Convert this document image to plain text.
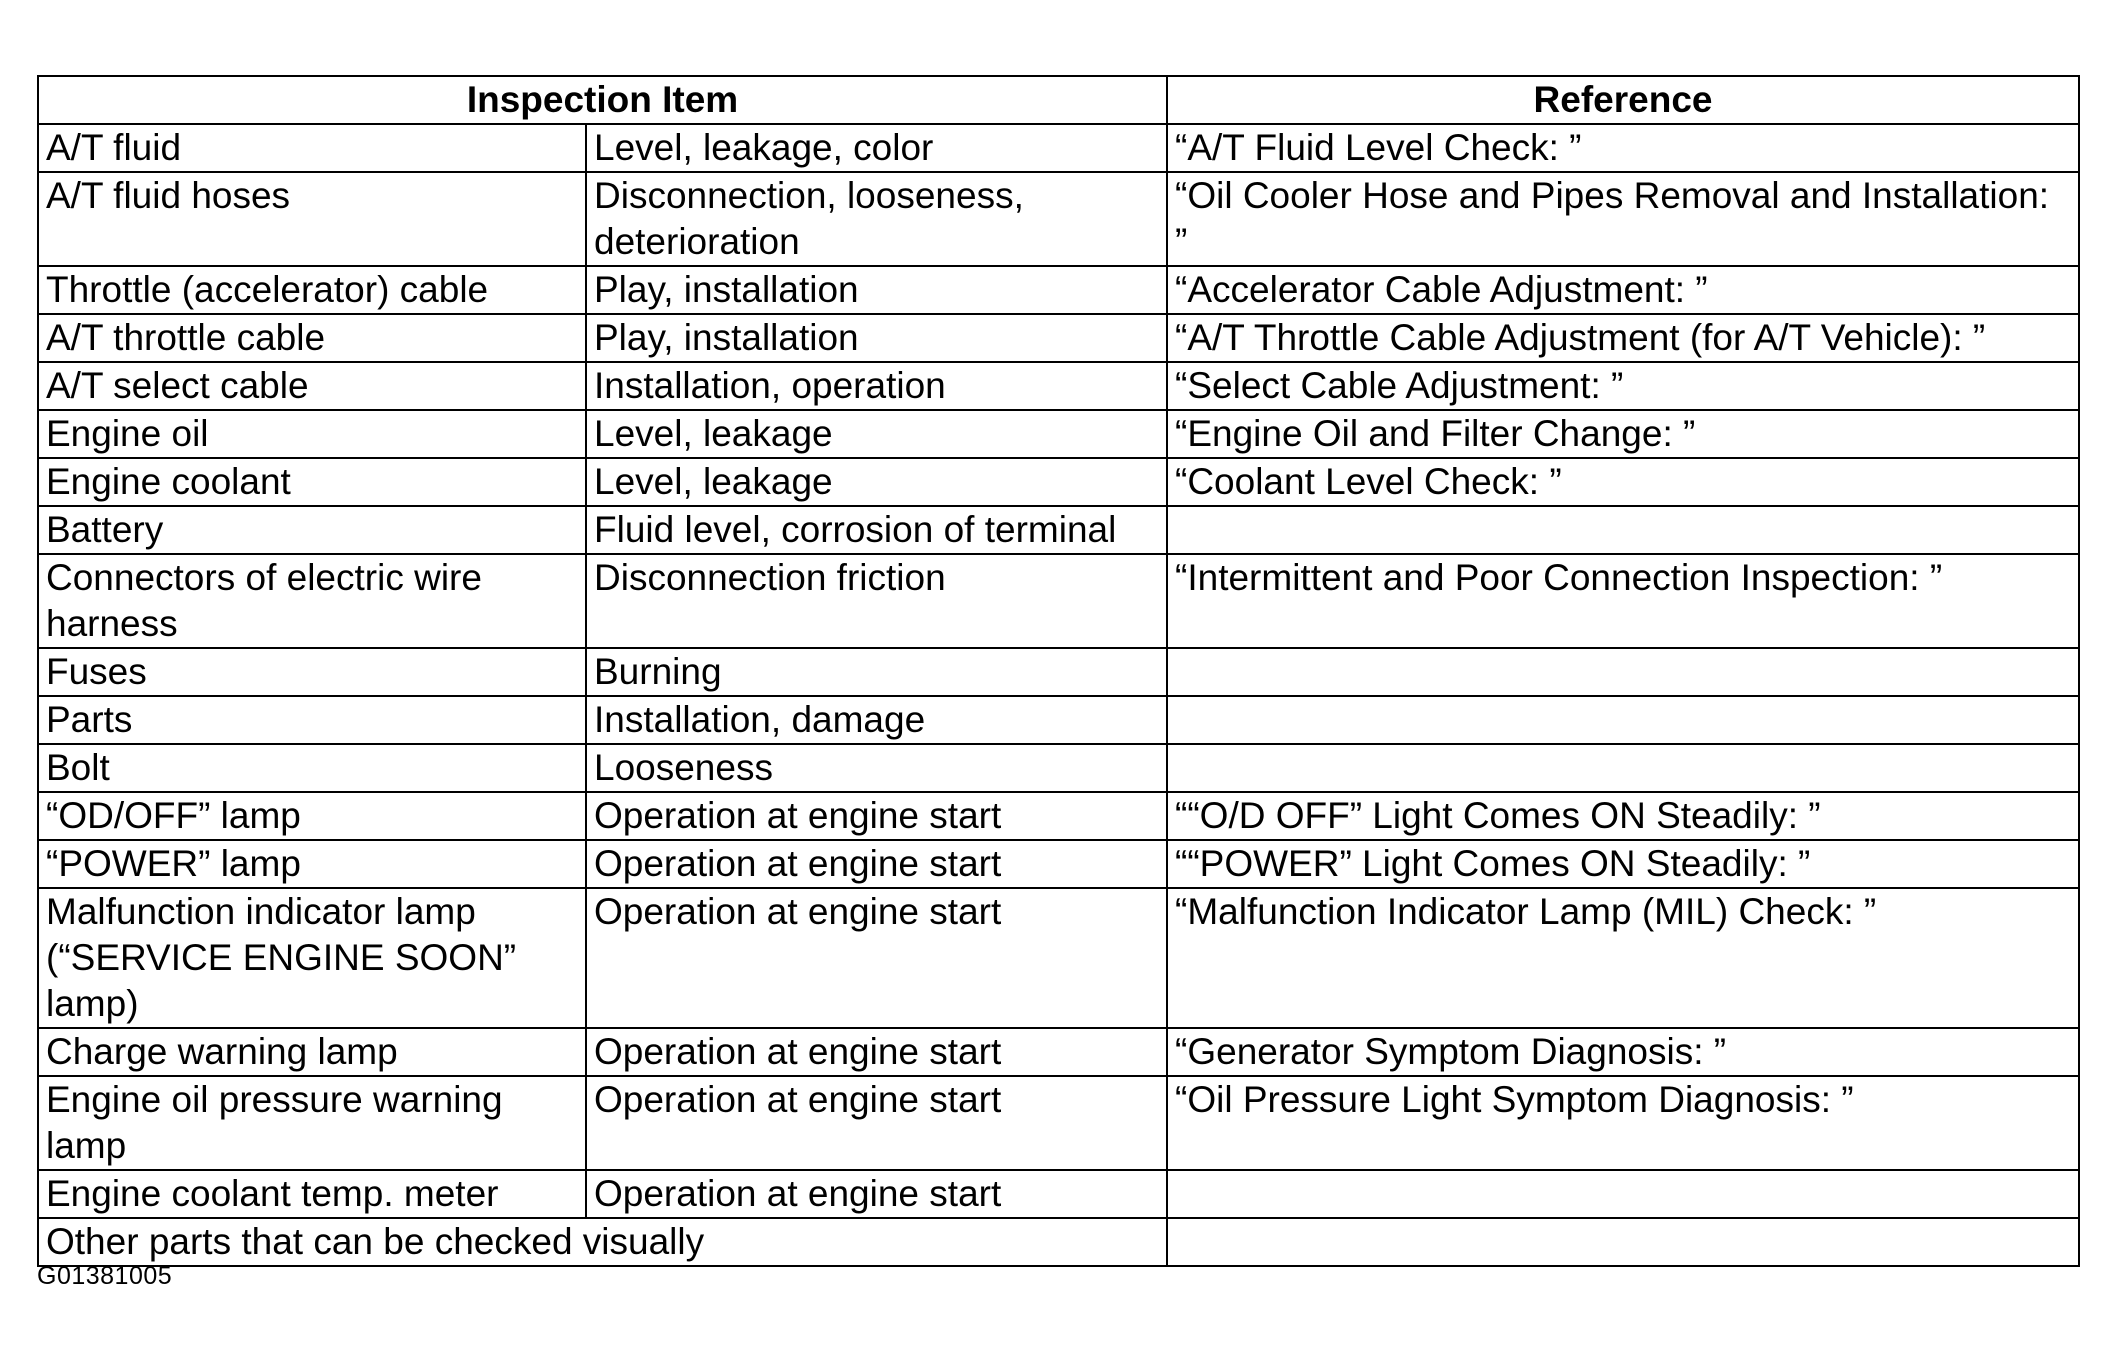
Inspection Item		Reference
A/T fluid	Level, leakage, color	“A/T Fluid Level Check: ”
A/T fluid hoses	Disconnection, looseness, deterioration	“Oil Cooler Hose and Pipes Removal and Installation: ”
Throttle (accelerator) cable	Play, installation	“Accelerator Cable Adjustment: ”
A/T throttle cable	Play, installation	“A/T Throttle Cable Adjustment (for A/T Vehicle): ”
A/T select cable	Installation, operation	“Select Cable Adjustment: ”
Engine oil	Level, leakage	“Engine Oil and Filter Change: ”
Engine coolant	Level, leakage	“Coolant Level Check: ”
Battery	Fluid level, corrosion of terminal	
Connectors of electric wire harness	Disconnection friction	“Intermittent and Poor Connection Inspection: ”
Fuses	Burning	
Parts	Installation, damage	
Bolt	Looseness	
“OD/OFF” lamp	Operation at engine start	““O/D OFF” Light Comes ON Steadily: ”
“POWER” lamp	Operation at engine start	““POWER” Light Comes ON Steadily: ”
Malfunction indicator lamp (“SERVICE ENGINE SOON” lamp)	Operation at engine start	“Malfunction Indicator Lamp (MIL) Check: ”
Charge warning lamp	Operation at engine start	“Generator Symptom Diagnosis: ”
Engine oil pressure warning lamp	Operation at engine start	“Oil Pressure Light Symptom Diagnosis: ”
Engine coolant temp. meter	Operation at engine start	
Other parts that can be checked visually		
G01381005
